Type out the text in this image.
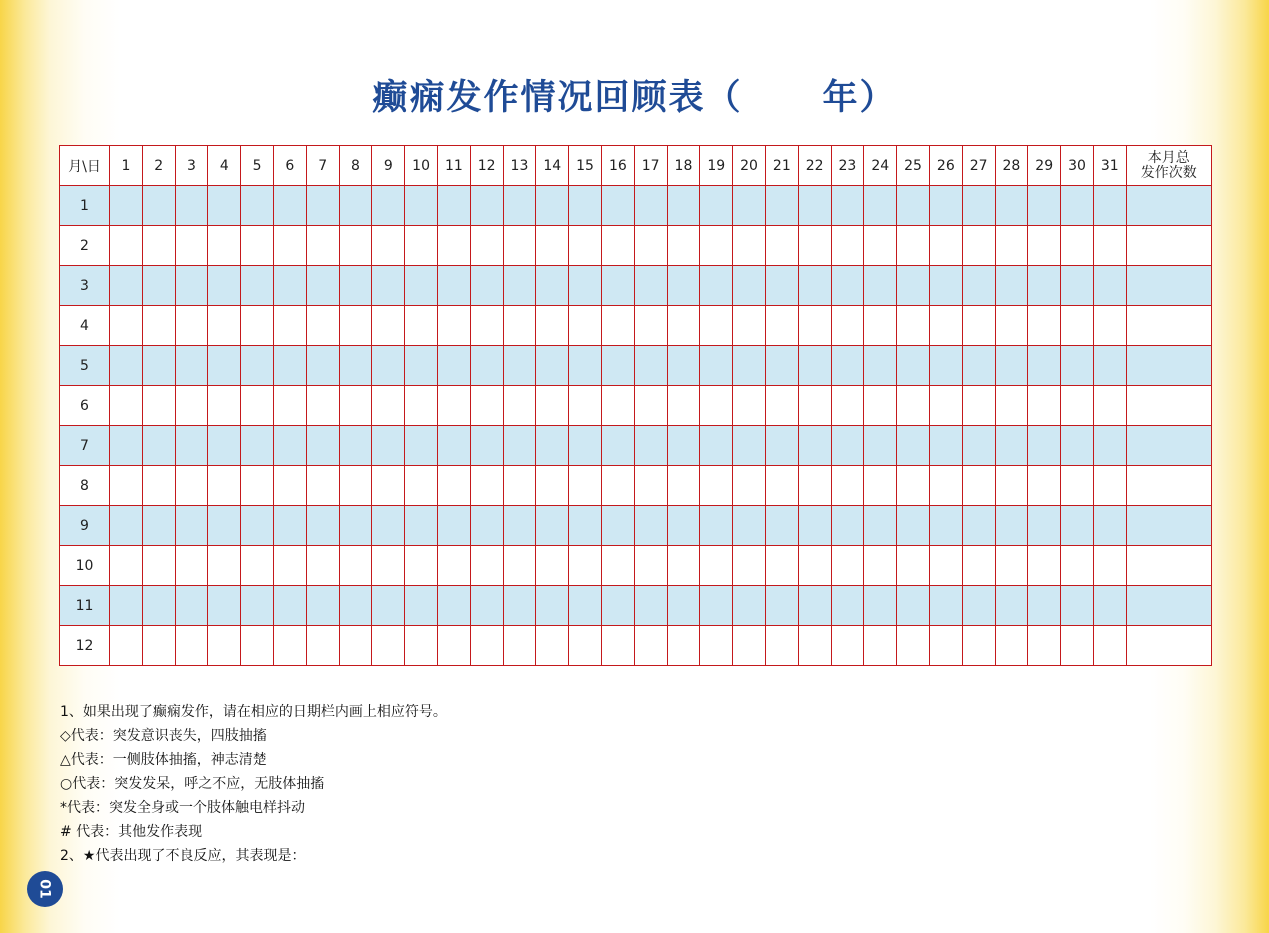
癫痫发作情况回顾表（ 年）
月\日	1	2	3	4	5	6	7	8	9	10	11	12	13	14	15	16	17	18	19	20	21	22	23	24	25	26	27	28	29	30	31	本月总
发作次数

1																																
2																																
3																																
4																																
5																																
6																																
7																																
8																																
9																																
10																																
11																																
12																																
1、如果出现了癫痫发作，请在相应的日期栏内画上相应符号。
◇代表：突发意识丧失，四肢抽搐
△代表：一侧肢体抽搐，神志清楚
○代表：突发发呆，呼之不应，无肢体抽搐
*代表：突发全身或一个肢体触电样抖动
# 代表：其他发作表现
2、★代表出现了不良反应，其表现是：
01
